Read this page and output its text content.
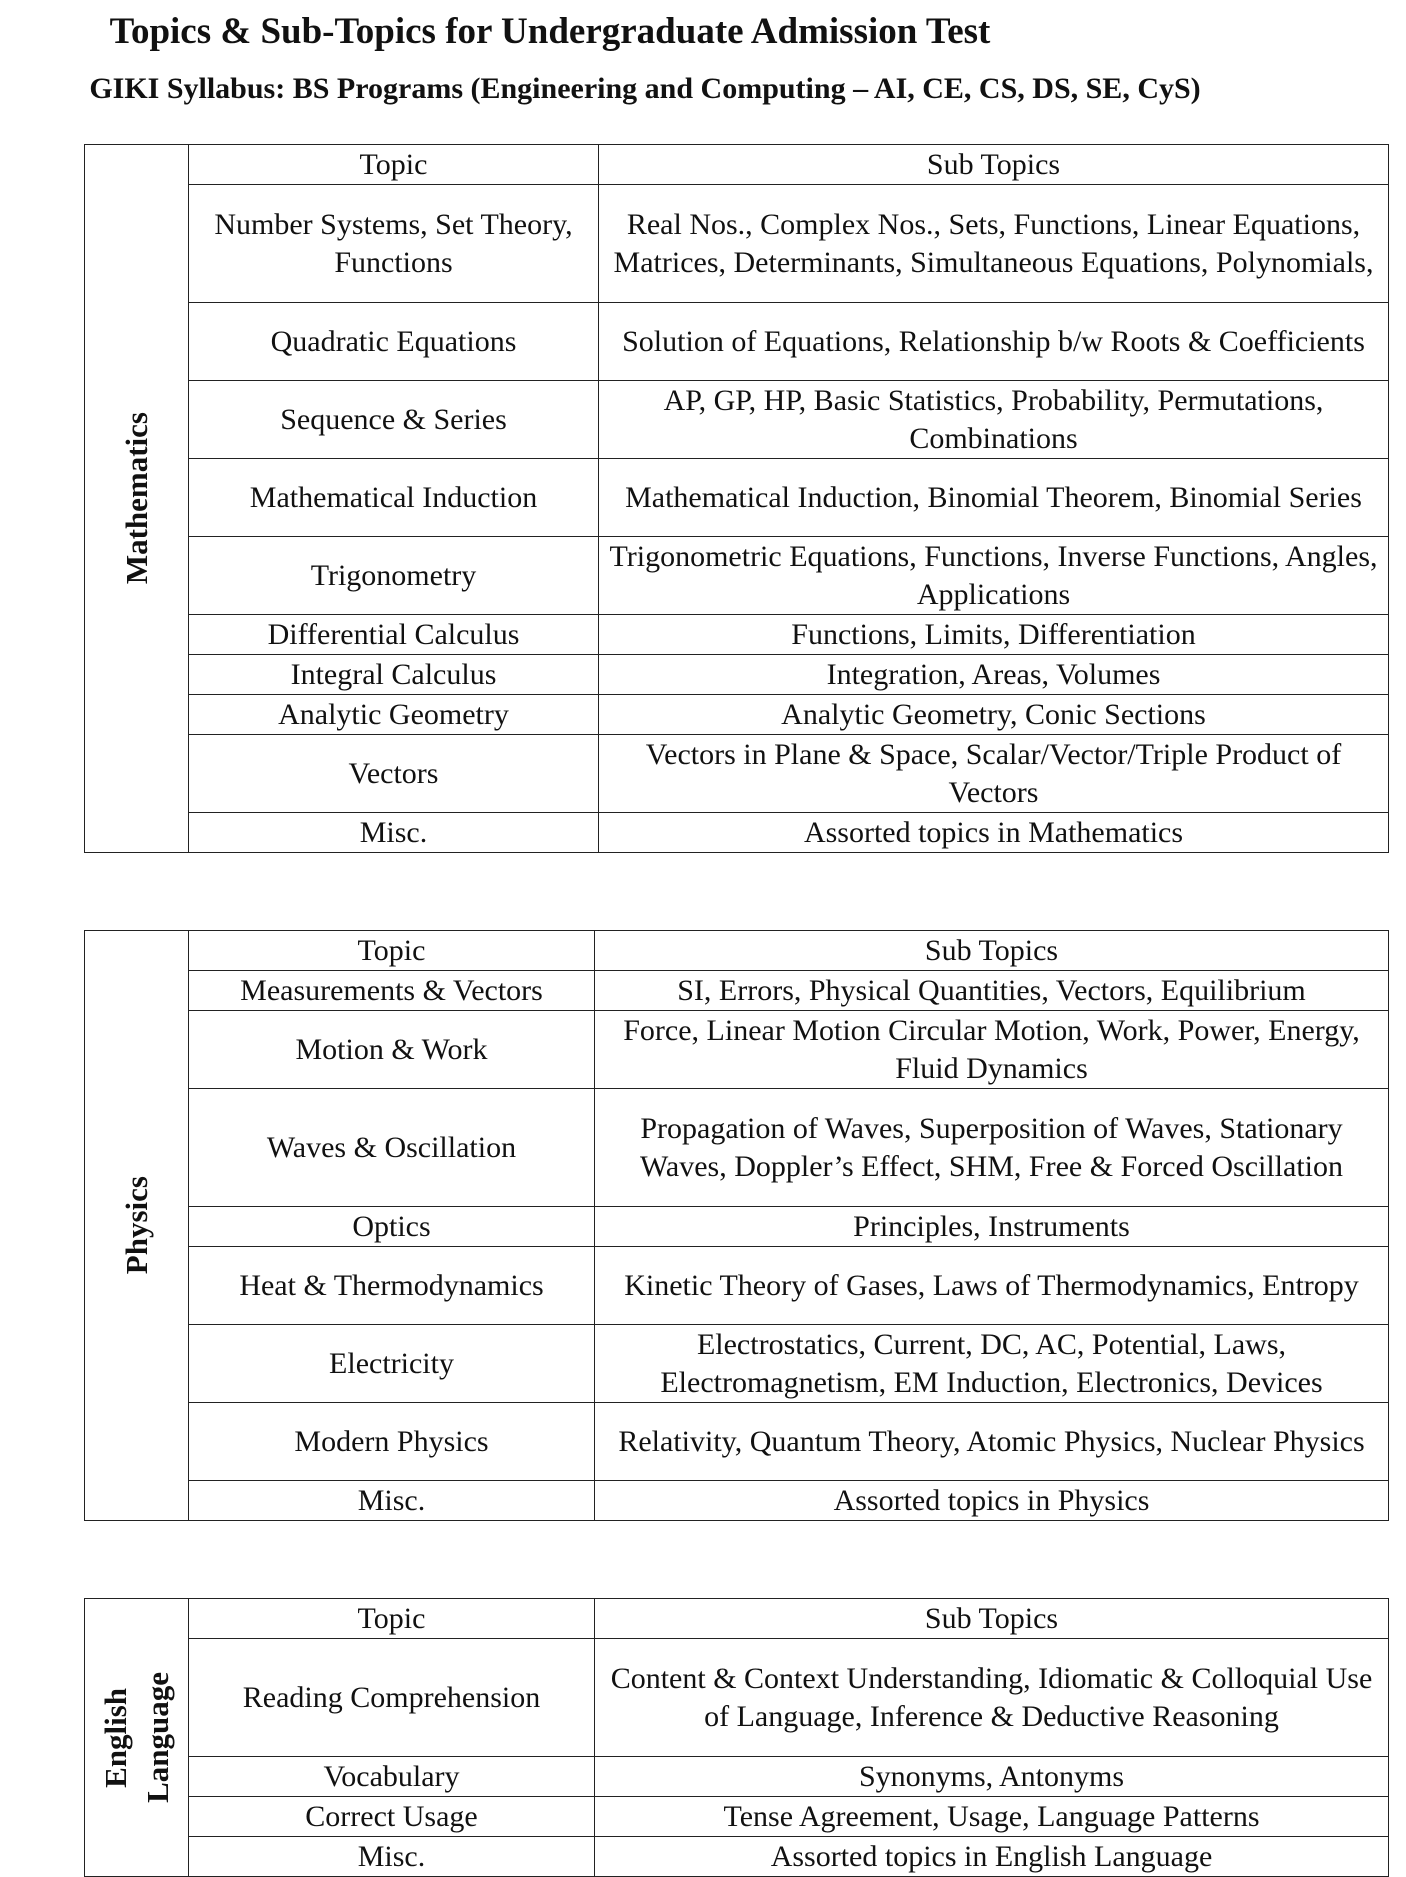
Topics & Sub-Topics for Undergraduate Admission Test
GIKI Syllabus: BS Programs (Engineering and Computing – AI, CE, CS, DS, SE, CyS)
Mathematics	Topic	Sub Topics
	Number Systems, Set Theory, Functions	Real Nos., Complex Nos., Sets, Functions, Linear Equations, Matrices, Determinants, Simultaneous Equations, Polynomials,
	Quadratic Equations	Solution of Equations, Relationship b/w Roots & Coefficients
	Sequence & Series	AP, GP, HP, Basic Statistics, Probability, Permutations, Combinations
	Mathematical Induction	Mathematical Induction, Binomial Theorem, Binomial Series
	Trigonometry	Trigonometric Equations, Functions, Inverse Functions, Angles, Applications
	Differential Calculus	Functions, Limits, Differentiation
	Integral Calculus	Integration, Areas, Volumes
	Analytic Geometry	Analytic Geometry, Conic Sections
	Vectors	Vectors in Plane & Space, Scalar/Vector/Triple Product of Vectors
	Misc.	Assorted topics in Mathematics
Physics	Topic	Sub Topics
	Measurements & Vectors	SI, Errors, Physical Quantities, Vectors, Equilibrium
	Motion & Work	Force, Linear Motion Circular Motion, Work, Power, Energy, Fluid Dynamics
	Waves & Oscillation	Propagation of Waves, Superposition of Waves, Stationary Waves, Doppler’s Effect, SHM, Free & Forced Oscillation
	Optics	Principles, Instruments
	Heat & Thermodynamics	Kinetic Theory of Gases, Laws of Thermodynamics, Entropy
	Electricity	Electrostatics, Current, DC, AC, Potential, Laws, Electromagnetism, EM Induction, Electronics, Devices
	Modern Physics	Relativity, Quantum Theory, Atomic Physics, Nuclear Physics
	Misc.	Assorted topics in Physics
English Language	Topic	Sub Topics
	Reading Comprehension	Content & Context Understanding, Idiomatic & Colloquial Use of Language, Inference & Deductive Reasoning
	Vocabulary	Synonyms, Antonyms
	Correct Usage	Tense Agreement, Usage, Language Patterns
	Misc.	Assorted topics in English Language
